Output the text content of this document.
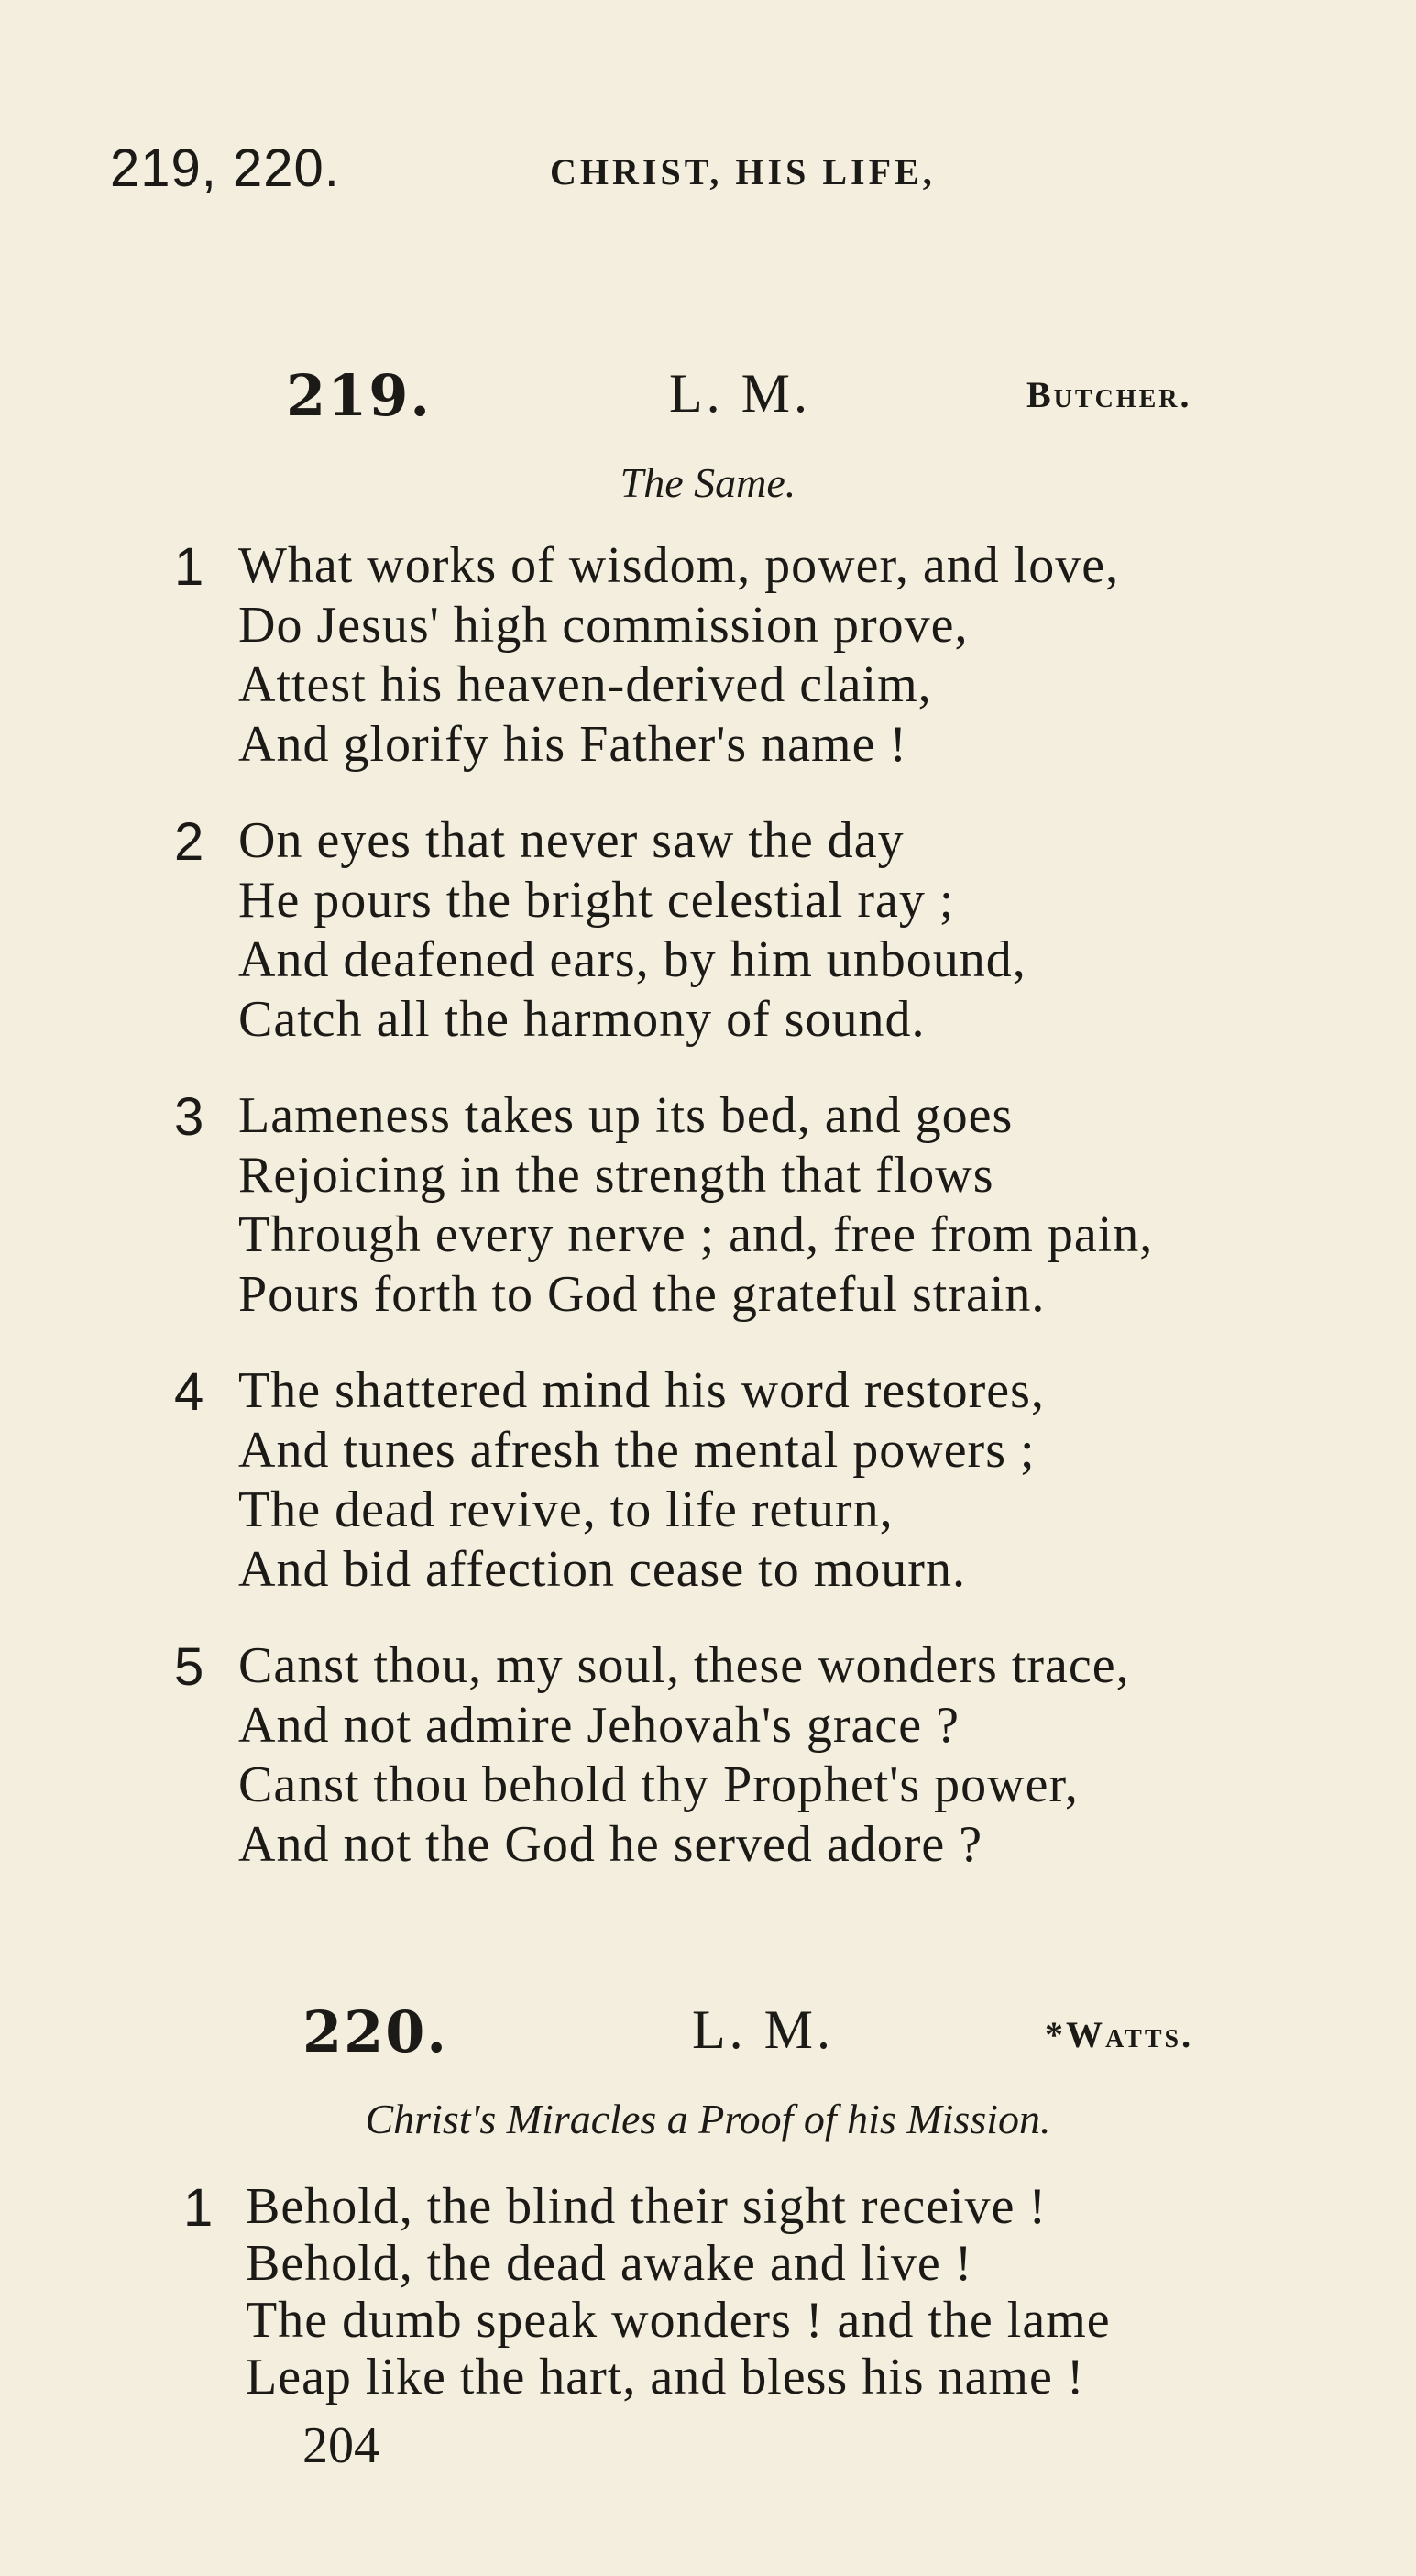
219, 220.	CHRIST, HIS LIFE,
219.	L. M.	Butcher.
The Same.
1 What works of wisdom, power, and love,
Do Jesus' high commission prove,
Attest his heaven-derived claim,
And glorify his Father's name !
2 On eyes that never saw the day
He pours the bright celestial ray ;
And deafened ears, by him unbound,
Catch all the harmony of sound.
3 Lameness takes up its bed, and goes
Rejoicing in the strength that flows
Through every nerve ; and, free from pain,
Pours forth to God the grateful strain.
4 The shattered mind his word restores,
And tunes afresh the mental powers ;
The dead revive, to life return,
And bid affection cease to mourn.
5 Canst thou, my soul, these wonders trace,
And not admire Jehovah's grace ?
Canst thou behold thy Prophet's power,
And not the God he served adore ?
220.	L. M.	*Watts.
Christ's Miracles a Proof of his Mission.
1 Behold, the blind their sight receive !
Behold, the dead awake and live !
The dumb speak wonders ! and the lame
Leap like the hart, and bless his name !
204
